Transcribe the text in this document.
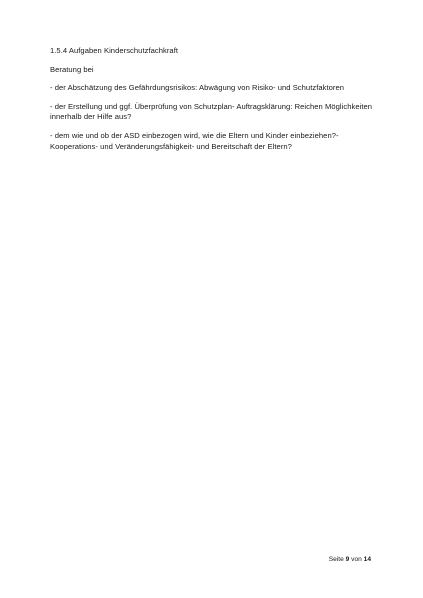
1.5.4 Aufgaben Kinderschutzfachkraft

Beratung bei

- der Abschätzung des Gefährdungsrisikos: Abwägung von Risiko- und Schutzfaktoren

- der Erstellung und ggf. Überprüfung von Schutzplan- Auftragsklärung: Reichen Möglichkeiten innerhalb der Hilfe aus?

- dem wie und ob der ASD einbezogen wird, wie die Eltern und Kinder einbeziehen?- Kooperations- und Veränderungsfähigkeit- und Bereitschaft der Eltern?

Seite 9 von 14
